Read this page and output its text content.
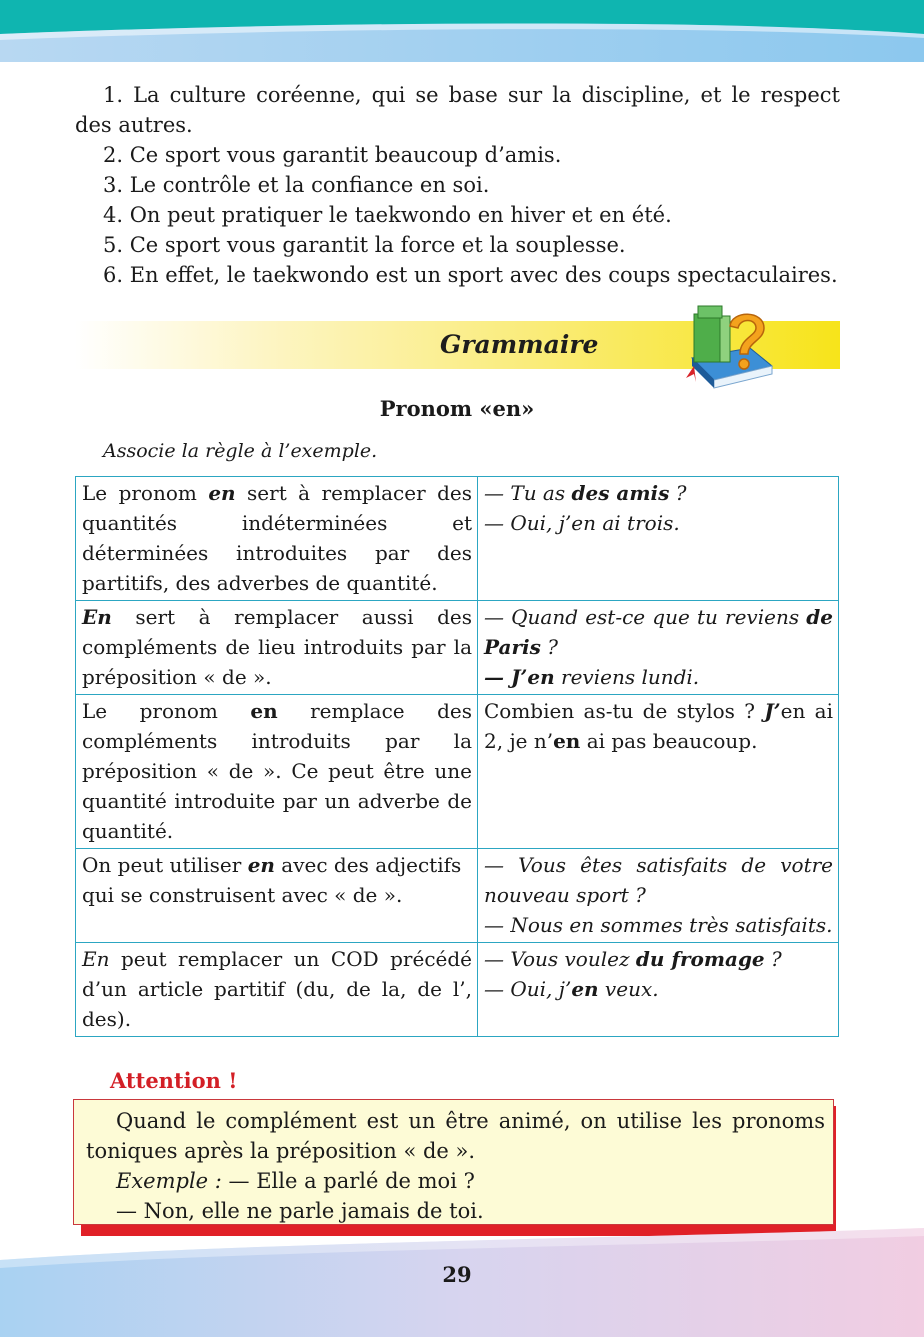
1. La culture coréenne, qui se base sur la discipline, et le respect des autres.

2. Ce sport vous garantit beaucoup d’amis.

3. Le contrôle et la confiance en soi.

4. On peut pratiquer le taekwondo en hiver et en été.

5. Ce sport vous garantit la force et la souplesse.

6. En effet, le taekwondo est un sport avec des coups spectaculaires.

Grammaire
Pronom «en»
Associe la règle à l’exemple.
Le pronom en sert à remplacer des quantités indéterminées et déterminées introduites par des partitifs, des adverbes de quantité.	— Tu as des amis ?
— Oui, j’en ai trois.

En sert à remplacer aussi des compléments de lieu introduits par la préposition « de ».	— Quand est-ce que tu reviens de Paris ?
— J’en reviens lundi.

Le pronom en remplace des compléments introduits par la préposition « de ». Ce peut être une quantité introduite par un adverbe de quantité.	Combien as-tu de stylos ? J’en ai 2, je n’en ai pas beaucoup.
On peut utiliser en avec des adjectifs
qui se construisent avec « de ».	— Vous êtes satisfaits de votre nouveau sport ?
— Nous en sommes très satisfaits.

En peut remplacer un COD précédé d’un article partitif (du, de la, de l’, des).	— Vous voulez du fromage ?
— Oui, j’en veux.
Attention !

Quand le complément est un être animé, on utilise les pronoms toniques après la préposition « de ».

Exemple : — Elle a parlé de moi ?

— Non, elle ne parle jamais de toi.

29
